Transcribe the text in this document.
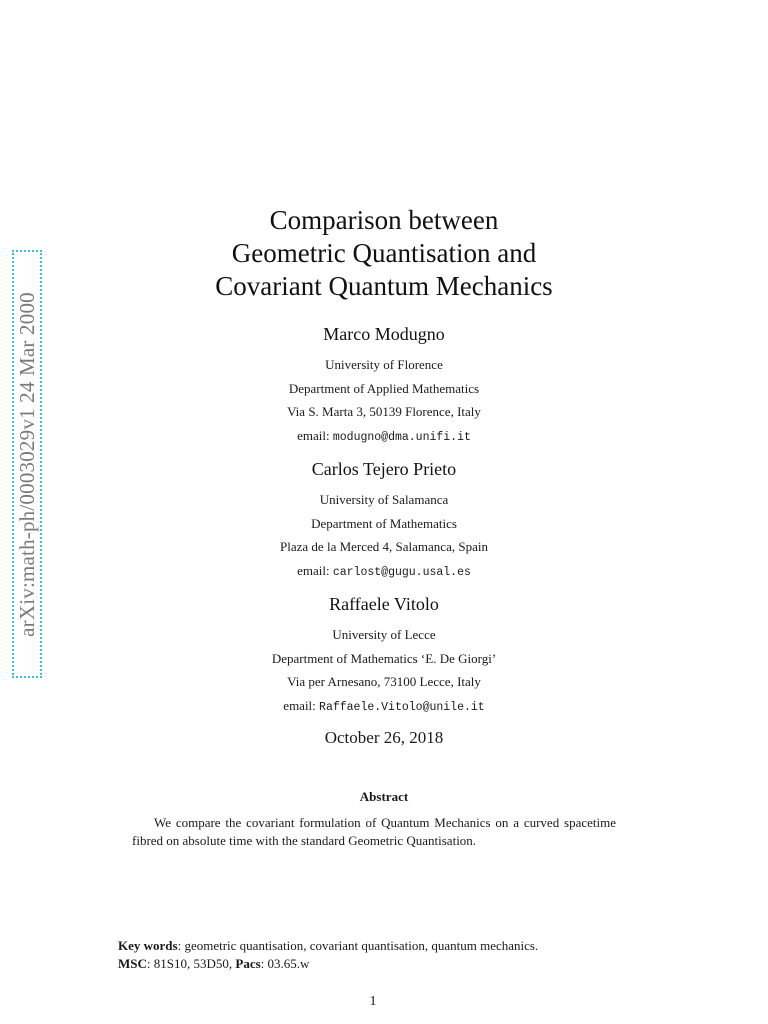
arXiv:math-ph/0003029v1 24 Mar 2000
Comparison between
Geometric Quantisation and
Covariant Quantum Mechanics
Marco Modugno
University of Florence
Department of Applied Mathematics
Via S. Marta 3, 50139 Florence, Italy
email: modugno@dma.unifi.it
Carlos Tejero Prieto
University of Salamanca
Department of Mathematics
Plaza de la Merced 4, Salamanca, Spain
email: carlost@gugu.usal.es
Raffaele Vitolo
University of Lecce
Department of Mathematics ‘E. De Giorgi’
Via per Arnesano, 73100 Lecce, Italy
email: Raffaele.Vitolo@unile.it
October 26, 2018
Abstract
We compare the covariant formulation of Quantum Mechanics on a curved spacetime fibred on absolute time with the standard Geometric Quantisation.
Key words: geometric quantisation, covariant quantisation, quantum mechanics.
MSC: 81S10, 53D50, Pacs: 03.65.w
1
